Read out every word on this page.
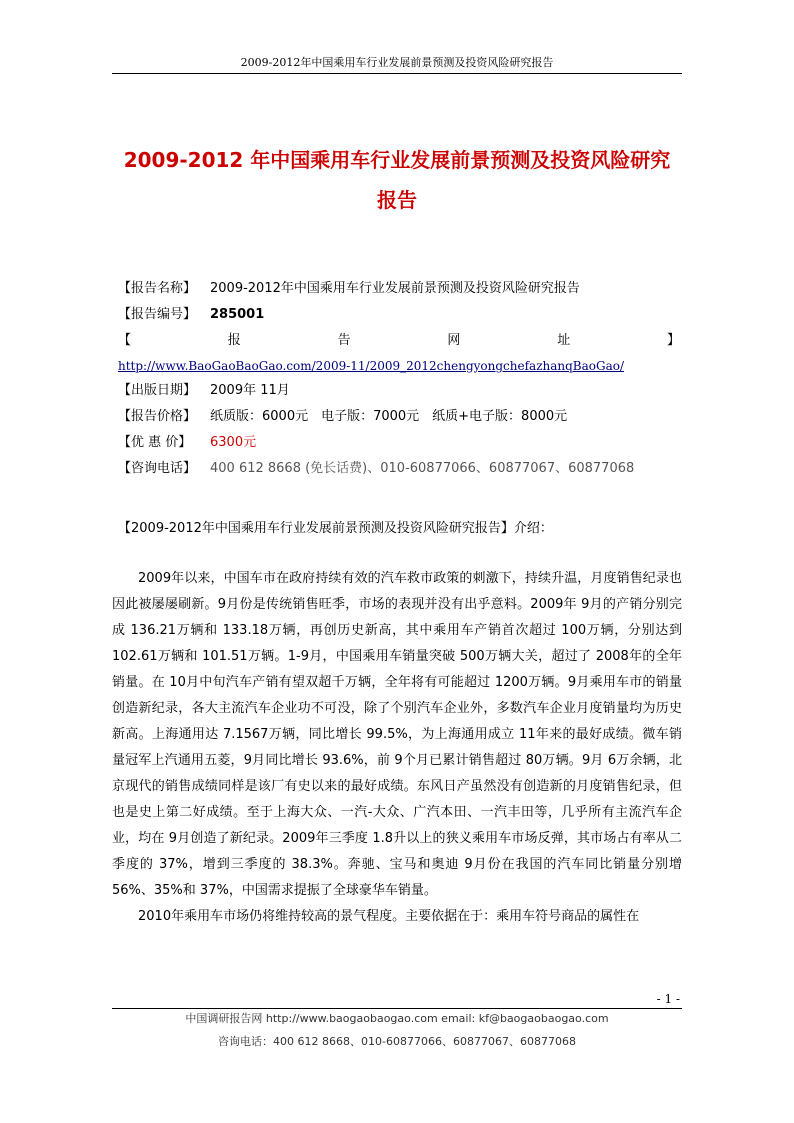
2009-2012年中国乘用车行业发展前景预测及投资风险研究报告
2009-2012 年中国乘用车行业发展前景预测及投资风险研究
报告
【报告名称】	2009-2012年中国乘用车行业发展前景预测及投资风险研究报告
【报告编号】	285001
【	报	告	网	址	】
http://www.BaoGaoBaoGao.com/2009-11/2009_2012chengyongchefazhanqBaoGao/
【出版日期】	2009年 11月
【报告价格】	纸质版：6000元　电子版：7000元　纸质+电子版：8000元
【优 惠 价】	6300元
【咨询电话】	400 612 8668 (免长话费)、010-60877066、60877067、60877068
【2009-2012年中国乘用车行业发展前景预测及投资风险研究报告】介绍：

2009年以来，中国车市在政府持续有效的汽车救市政策的刺激下，持续升温，月度销售纪录也因此被屡屡刷新。9月份是传统销售旺季，市场的表现并没有出乎意料。2009年 9月的产销分别完成 136.21万辆和 133.18万辆，再创历史新高，其中乘用车产销首次超过 100万辆，分别达到 102.61万辆和 101.51万辆。1-9月，中国乘用车销量突破 500万辆大关，超过了 2008年的全年销量。在 10月中旬汽车产销有望双超千万辆，全年将有可能超过 1200万辆。9月乘用车市的销量创造新纪录，各大主流汽车企业功不可没，除了个别汽车企业外，多数汽车企业月度销量均为历史新高。上海通用达 7.1567万辆，同比增长 99.5%，为上海通用成立 11年来的最好成绩。微车销量冠军上汽通用五菱，9月同比增长 93.6%，前 9个月已累计销售超过 80万辆。9月 6万余辆，北京现代的销售成绩同样是该厂有史以来的最好成绩。东风日产虽然没有创造新的月度销售纪录，但也是史上第二好成绩。至于上海大众、一汽-大众、广汽本田、一汽丰田等，几乎所有主流汽车企业，均在 9月创造了新纪录。2009年三季度 1.8升以上的狭义乘用车市场反弹，其市场占有率从二季度的 37%，增到三季度的 38.3%。奔驰、宝马和奥迪 9月份在我国的汽车同比销量分别增 56%、35%和 37%，中国需求提振了全球豪华车销量。

2010年乘用车市场仍将维持较高的景气程度。主要依据在于：乘用车符号商品的属性在

- 1 -
中国调研报告网 http://www.baogaobaogao.com email: kf@baogaobaogao.com
咨询电话：400 612 8668、010-60877066、60877067、60877068
